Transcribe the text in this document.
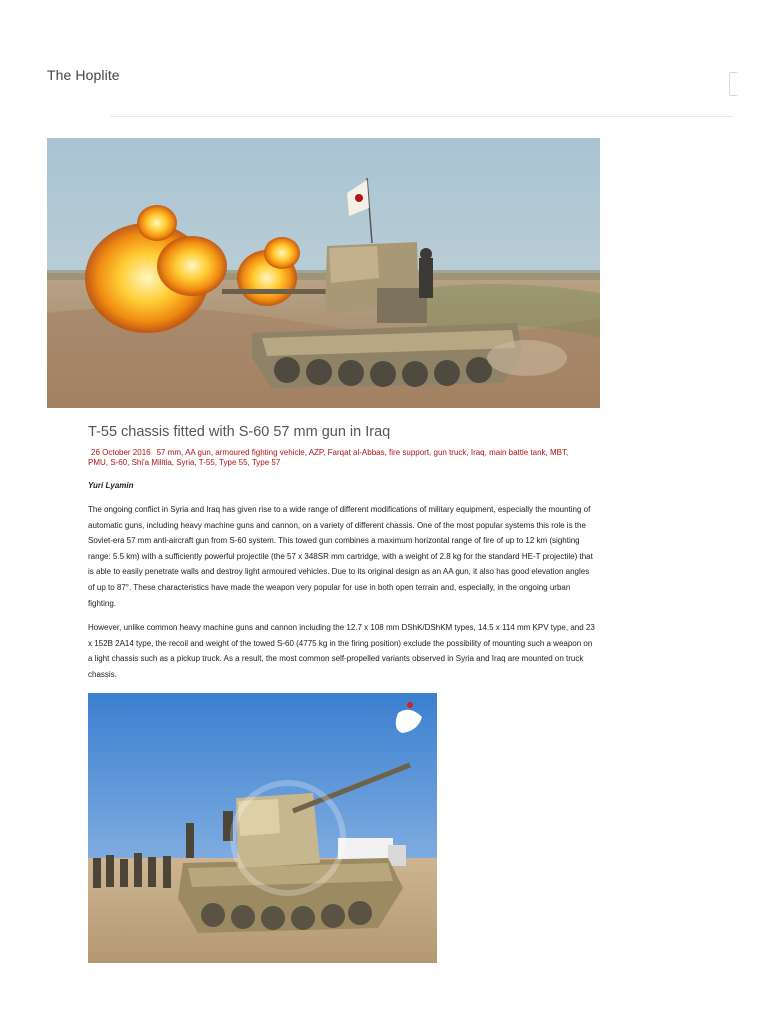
The Hoplite
T-55 chassis fitted with S-60 57 mm gun in Iraq
26 October 2016 57 mm, AA gun, armoured fighting vehicle, AZP, Farqat al-Abbas, fire support, gun truck, Iraq, main battle tank, MBT, PMU, S-60, Shi'a Militia, Syria, T-55, Type 55, Type 57
Yuri Lyamin

The ongoing conflict in Syria and Iraq has given rise to a wide range of different modifications of military equipment, especially the mounting of automatic guns, including heavy machine guns and cannon, on a variety of different chassis. One of the most popular systems this role is the Soviet-era 57 mm anti-aircraft gun from S-60 system. This towed gun combines a maximum horizontal range of fire of up to 12 km (sighting range: 5.5 km) with a sufficiently powerful projectile (the 57 x 348SR mm cartridge, with a weight of 2.8 kg for the standard HE-T projectile) that is able to easily penetrate walls and destroy light armoured vehicles. Due to its original design as an AA gun, it also has good elevation angles of up to 87°. These characteristics have made the weapon very popular for use in both open terrain and, especially, in the ongoing urban fighting.

However, unlike common heavy machine guns and cannon including the 12.7 x 108 mm DShK/DShKM types, 14.5 x 114 mm KPV type, and 23 x 152B 2A14 type, the recoil and weight of the towed S-60 (4775 kg in the firing position) exclude the possibility of mounting such a weapon on a light chassis such as a pickup truck. As a result, the most common self-propelled variants observed in Syria and Iraq are mounted on truck chassis.
